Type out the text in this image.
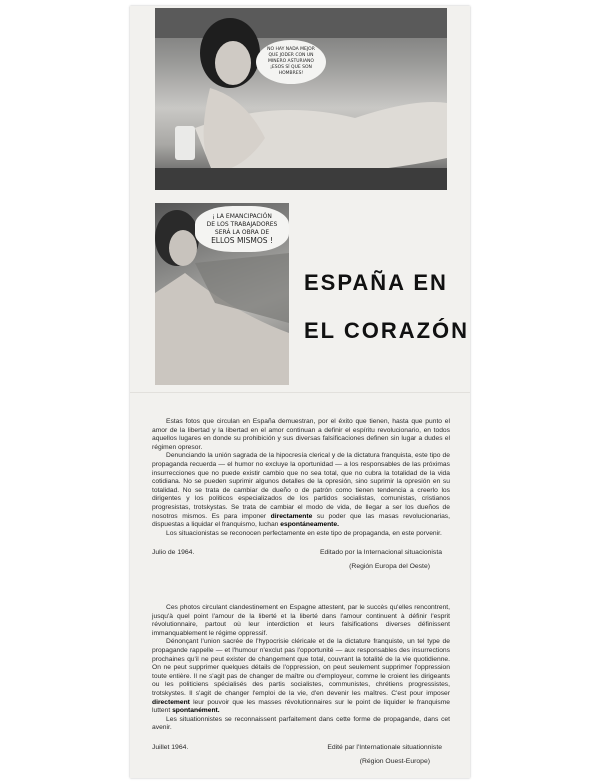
NO HAY NADA MEJOR
QUE JODER CON UN
MINERO ASTURIANO
¡ESOS SÍ QUE SON
HOMBRES!
¡ LA EMANCIPACIÓN
DE LOS TRABAJADORES
SERÁ LA OBRA DE
ELLOS MISMOS !
ESPAÑA EN
EL CORAZÓN

Estas fotos que circulan en España demuestran, por el éxito que tienen, hasta que punto el amor de la libertad y la libertad en el amor continuan a definir el espíritu revolucionario, en todos aquellos lugares en donde su prohibición y sus diversas falsificaciones definen sin lugar a dudes el régimen opresor.

Denunciando la unión sagrada de la hipocresía clerical y de la dictatura franquista, este tipo de propaganda recuerda — el humor no excluye la oportunidad — a los responsables de las próximas insurrecciones que no puede existir cambio que no sea total, que no cubra la totalidad de la vida cotidiana. No se pueden suprimir algunos detalles de la opresión, sino suprimir la opresión en su totalidad. No se trata de cambiar de dueño o de patrón como tienen tendencia a creerlo los dirigentes y los politicos especializados de los partidos socialistas, comunistas, cristianos progresistas, trotskystas. Se trata de cambiar el modo de vida, de llegar a ser los dueños de nosotros mismos. Es para imponer directamente su poder que las masas revolucionarias, dispuestas a liquidar el franquismo, luchan espontáneamente.

Los situacionistas se reconocen perfectamente en este tipo de propaganda, en este porvenir.

Julio de 1964.	Editado por la Internacional situacionista
(Región Europa del Oeste)

Ces photos circulant clandestinement en Espagne attestent, par le succès qu'elles rencontrent, jusqu'à quel point l'amour de la liberté et la liberté dans l'amour continuent à définir l'esprit révolutionnaire, partout où leur interdiction et leurs falsifications diverses définissent immanquablement le régime oppressif.

Dénonçant l'union sacrée de l'hypocrisie cléricale et de la dictature franquiste, un tel type de propagande rappelle — et l'humour n'exclut pas l'opportunité — aux responsables des insurrections prochaines qu'il ne peut exister de changement que total, couvrant la totalité de la vie quotidienne. On ne peut supprimer quelques détails de l'oppression, on peut seulement supprimer l'oppression toute entière. Il ne s'agit pas de changer de maître ou d'employeur, comme le croient les dirigeants ou les politiciens spécialisés des partis socialistes, communistes, chrétiens progressistes, trotskystes. Il s'agit de changer l'emploi de la vie, d'en devenir les maîtres. C'est pour imposer directement leur pouvoir que les masses révolutionnaires sur le point de liquider le franquisme luttent spontanément.

Les situationnistes se reconnaissent parfaitement dans cette forme de propagande, dans cet avenir.

Juillet 1964.	Edité par l'Internationale situationniste
(Région Ouest-Europe)
